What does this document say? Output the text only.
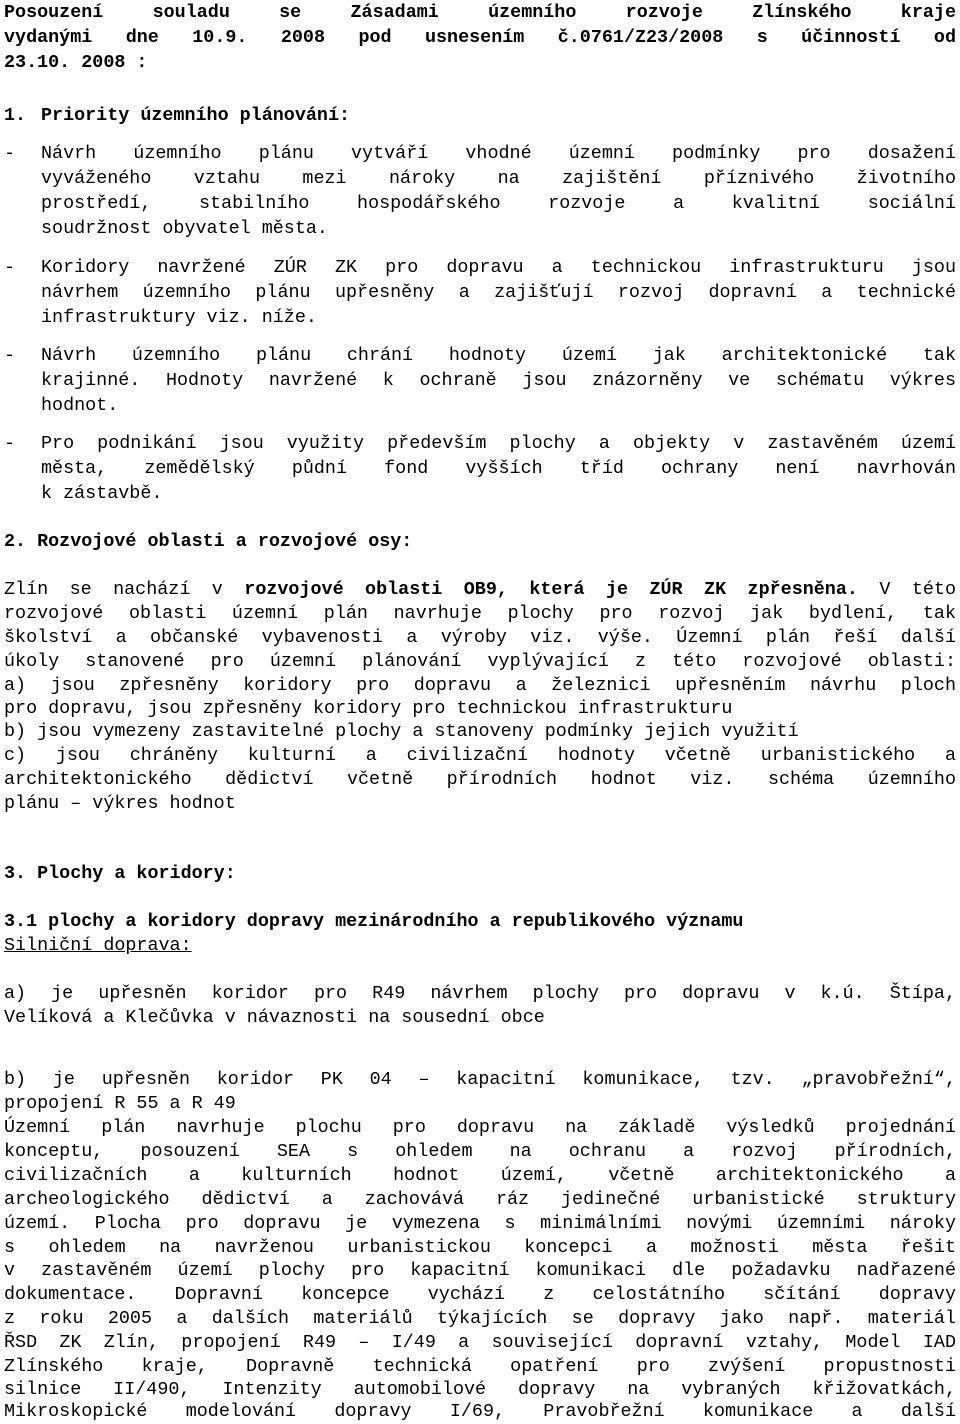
Posouzení souladu se Zásadami územního rozvoje Zlínského kraje
vydanými dne 10.9. 2008 pod usnesením č.0761/Z23/2008 s účinností od
23.10. 2008 :
1. Priority územního plánování:
-	Návrh územního plánu vytváří vhodné územní podmínky pro dosažení
vyváženého vztahu mezi nároky na zajištění příznivého životního
prostředí, stabilního hospodářského rozvoje a kvalitní sociální
soudržnost obyvatel města.
-	Koridory navržené ZÚR ZK pro dopravu a technickou infrastrukturu jsou
návrhem územního plánu upřesněny a zajišťují rozvoj dopravní a technické
infrastruktury viz. níže.
-	Návrh územního plánu chrání hodnoty území jak architektonické tak
krajinné. Hodnoty navržené k ochraně jsou znázorněny ve schématu výkres
hodnot.
-	Pro podnikání jsou využity především plochy a objekty v zastavěném území
města, zemědělský půdní fond vyšších tříd ochrany není navrhován
k zástavbě.
2. Rozvojové oblasti a rozvojové osy:
Zlín se nachází v rozvojové oblasti OB9, která je ZÚR ZK zpřesněna. V této
rozvojové oblasti územní plán navrhuje plochy pro rozvoj jak bydlení, tak
školství a občanské vybavenosti a výroby viz. výše. Územní plán řeší další
úkoly stanovené pro územní plánování vyplývající z této rozvojové oblasti:
a) jsou zpřesněny koridory pro dopravu a železnici upřesněním návrhu ploch
pro dopravu, jsou zpřesněny koridory pro technickou infrastrukturu
b) jsou vymezeny zastavitelné plochy a stanoveny podmínky jejich využití
c) jsou chráněny kulturní a civilizační hodnoty včetně urbanistického a
architektonického dědictví včetně přírodních hodnot viz. schéma územního
plánu – výkres hodnot
3. Plochy a koridory:
3.1 plochy a koridory dopravy mezinárodního a republikového významu
Silniční doprava:
a) je upřesněn koridor pro R49 návrhem plochy pro dopravu v k.ú. Štípa,
Velíková a Klečůvka v návaznosti na sousední obce
b) je upřesněn koridor PK 04 – kapacitní komunikace, tzv. „pravobřežní“,
propojení R 55 a R 49
Územní plán navrhuje plochu pro dopravu na základě výsledků projednání
konceptu, posouzení SEA s ohledem na ochranu a rozvoj přírodních,
civilizačních a kulturních hodnot území, včetně architektonického a
archeologického dědictví a zachovává ráz jedinečné urbanistické struktury
území. Plocha pro dopravu je vymezena s minimálními novými územními nároky
s ohledem na navrženou urbanistickou koncepci a možnosti města řešit
v zastavěném území plochy pro kapacitní komunikaci dle požadavku nadřazené
dokumentace. Dopravní koncepce vychází z celostátního sčítání dopravy
z roku 2005 a dalších materiálů týkajících se dopravy jako např. materiál
ŘSD ZK Zlín, propojení R49 – I/49 a související dopravní vztahy, Model IAD
Zlínského kraje, Dopravně technická opatření pro zvýšení propustnosti
silnice II/490, Intenzity automobilové dopravy na vybraných křižovatkách,
Mikroskopické modelování dopravy I/69, Pravobřežní komunikace a další
